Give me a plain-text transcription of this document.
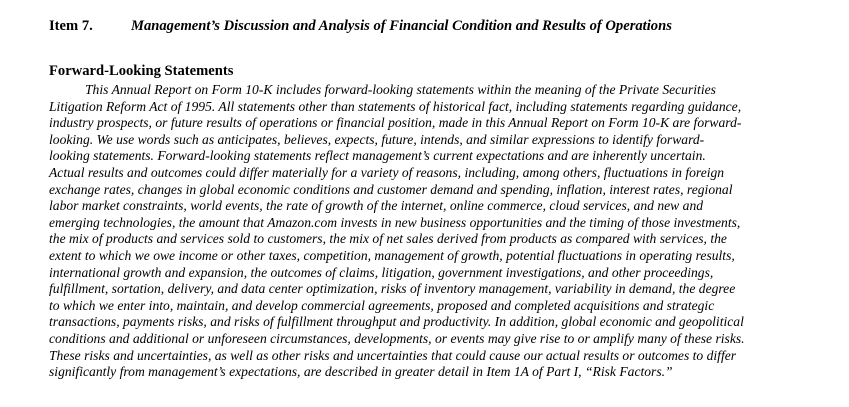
Item 7.	Management’s Discussion and Analysis of Financial Condition and Results of Operations
Forward-Looking Statements

This Annual Report on Form 10-K includes forward-looking statements within the meaning of the Private Securities
Litigation Reform Act of 1995. All statements other than statements of historical fact, including statements regarding guidance,
industry prospects, or future results of operations or financial position, made in this Annual Report on Form 10-K are forward-
looking. We use words such as anticipates, believes, expects, future, intends, and similar expressions to identify forward-
looking statements. Forward-looking statements reflect management’s current expectations and are inherently uncertain.
Actual results and outcomes could differ materially for a variety of reasons, including, among others, fluctuations in foreign
exchange rates, changes in global economic conditions and customer demand and spending, inflation, interest rates, regional
labor market constraints, world events, the rate of growth of the internet, online commerce, cloud services, and new and
emerging technologies, the amount that Amazon.com invests in new business opportunities and the timing of those investments,
the mix of products and services sold to customers, the mix of net sales derived from products as compared with services, the
extent to which we owe income or other taxes, competition, management of growth, potential fluctuations in operating results,
international growth and expansion, the outcomes of claims, litigation, government investigations, and other proceedings,
fulfillment, sortation, delivery, and data center optimization, risks of inventory management, variability in demand, the degree
to which we enter into, maintain, and develop commercial agreements, proposed and completed acquisitions and strategic
transactions, payments risks, and risks of fulfillment throughput and productivity. In addition, global economic and geopolitical
conditions and additional or unforeseen circumstances, developments, or events may give rise to or amplify many of these risks.
These risks and uncertainties, as well as other risks and uncertainties that could cause our actual results or outcomes to differ
significantly from management’s expectations, are described in greater detail in Item 1A of Part I, “Risk Factors.”
